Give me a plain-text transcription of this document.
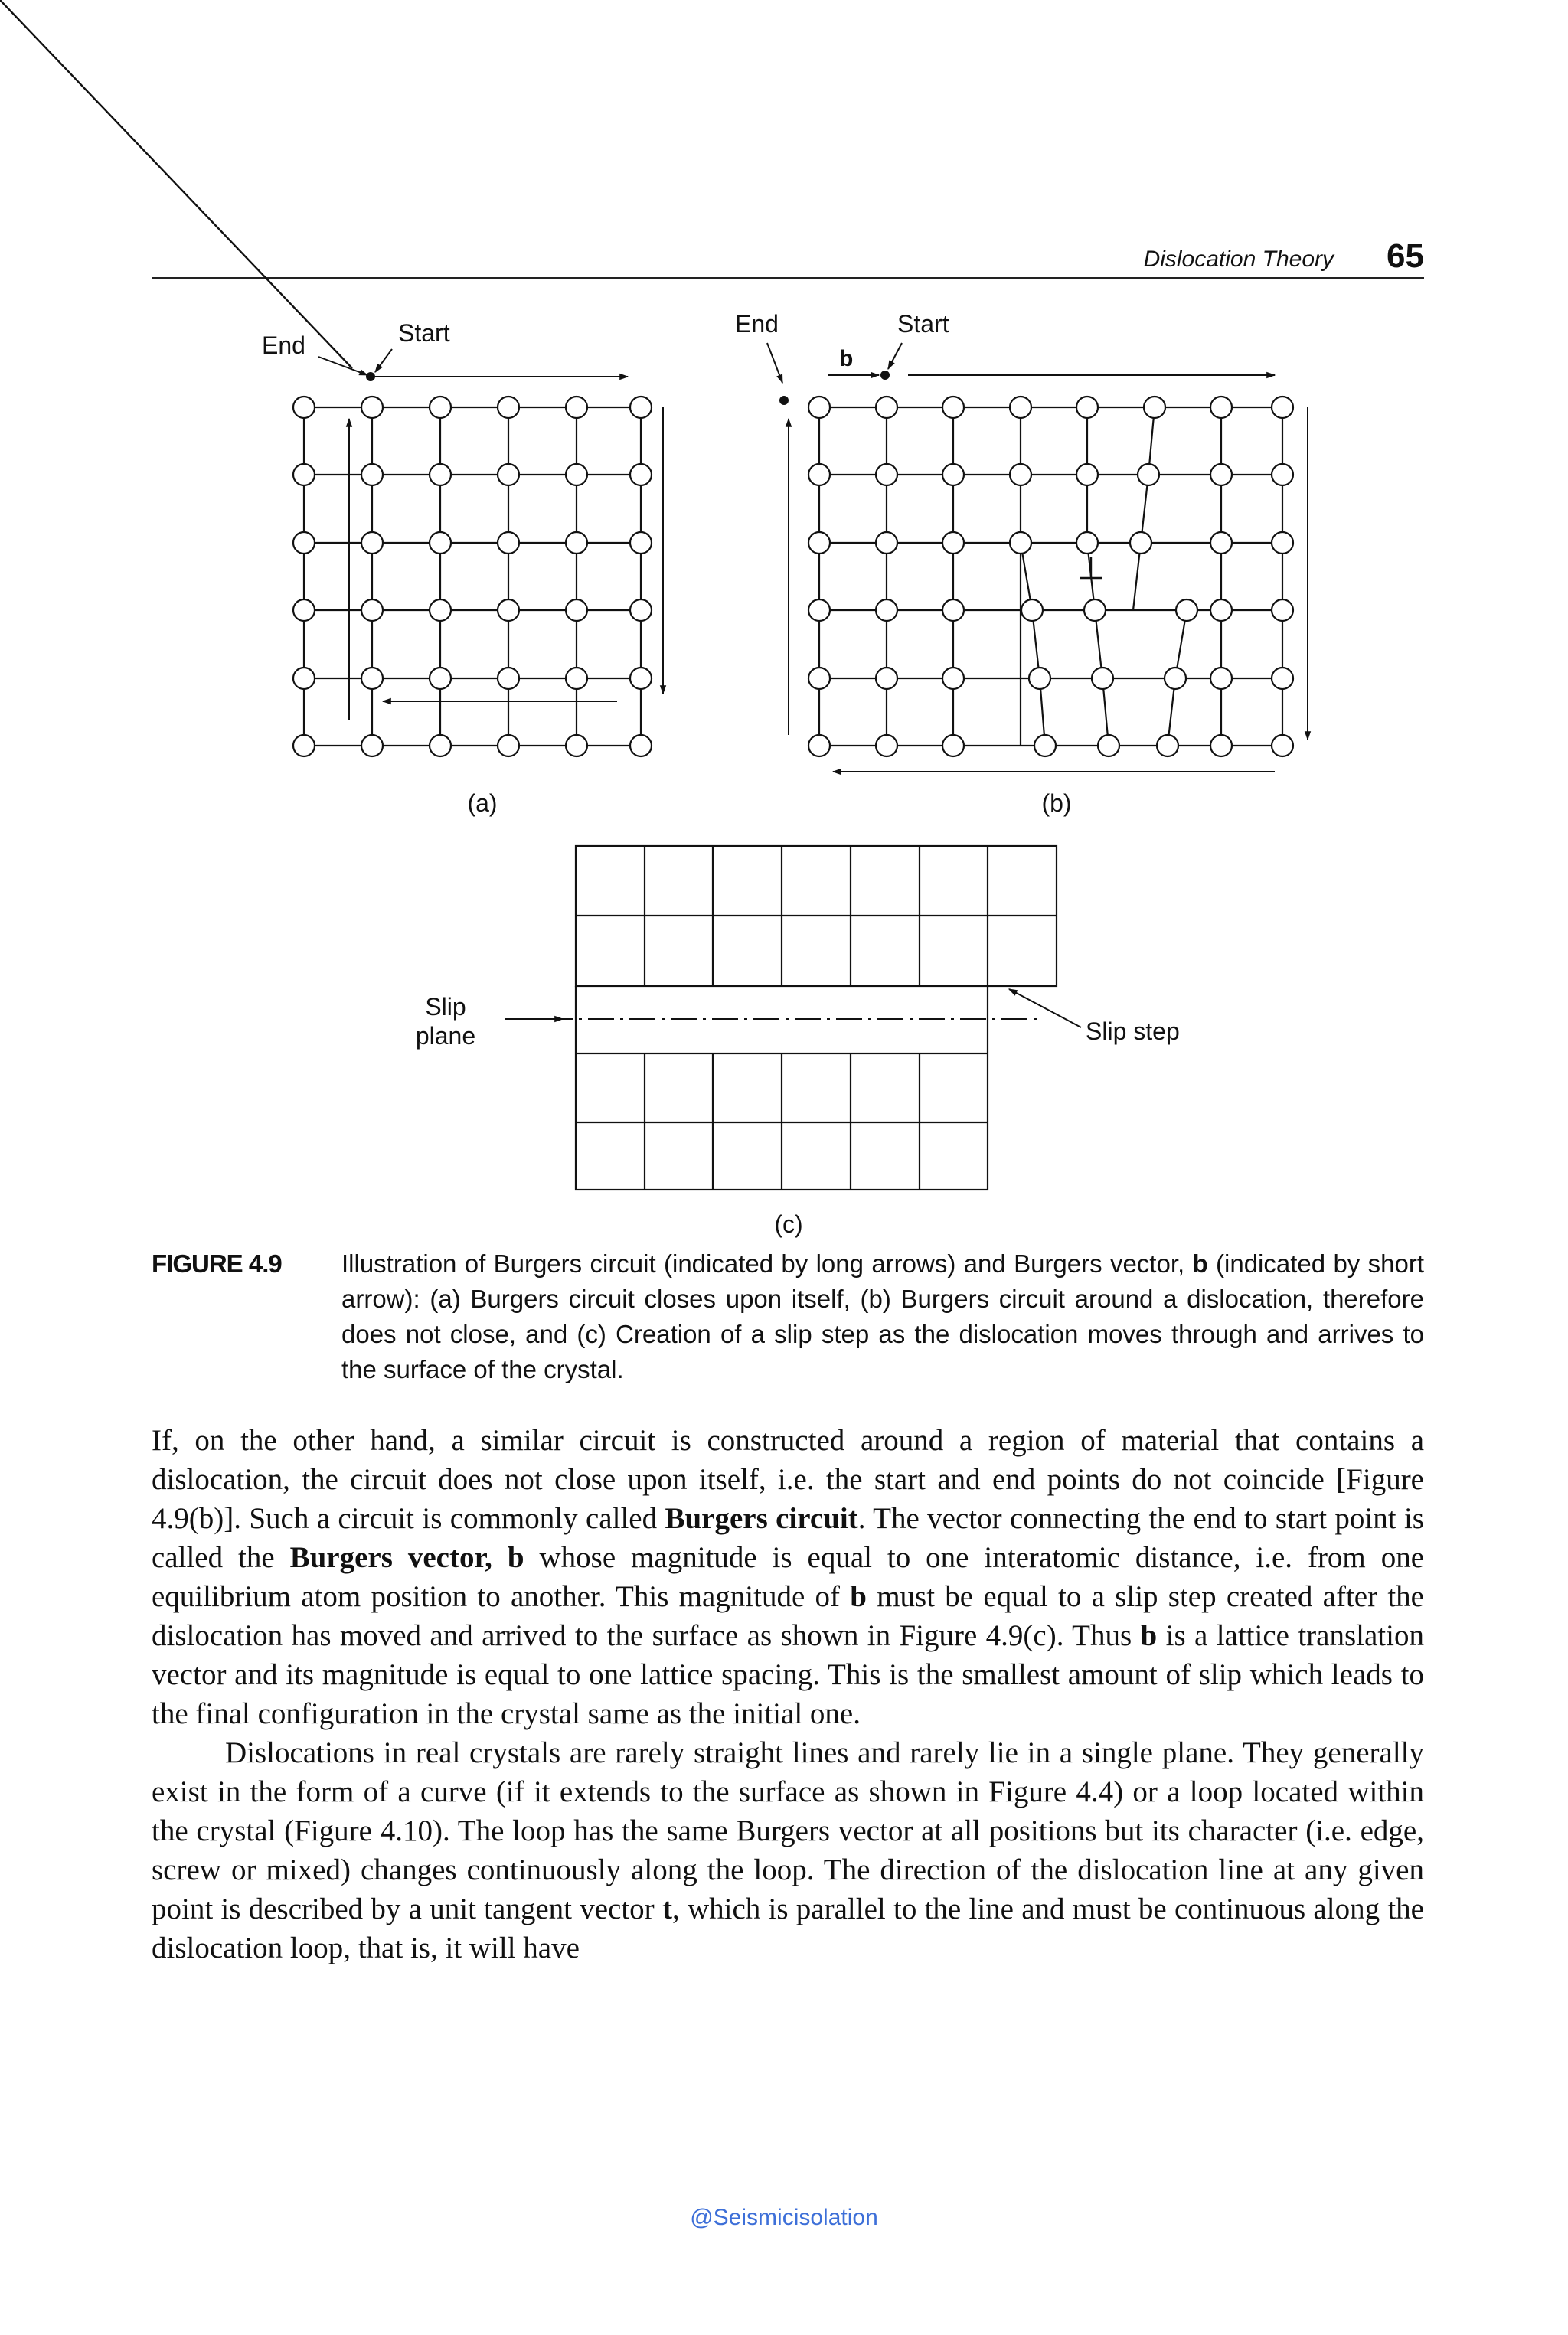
Dislocation Theory 65
End	Start
(a)
End	Start
b
(b)
Slip
plane	Slip step
(c)
FIGURE 4.9 Illustration of Burgers circuit (indicated by long arrows) and Burgers vector, b (indicated by short arrow): (a) Burgers circuit closes upon itself, (b) Burgers circuit around a dislocation, therefore does not close, and (c) Creation of a slip step as the dislocation moves through and arrives to the surface of the crystal.

If, on the other hand, a similar circuit is constructed around a region of material that contains a dislocation, the circuit does not close upon itself, i.e. the start and end points do not coincide [Figure 4.9(b)]. Such a circuit is commonly called Burgers circuit. The vector connecting the end to start point is called the Burgers vector, b whose magnitude is equal to one interatomic distance, i.e. from one equilibrium atom position to another. This magnitude of b must be equal to a slip step created after the dislocation has moved and arrived to the surface as shown in Figure 4.9(c). Thus b is a lattice translation vector and its magnitude is equal to one lattice spacing. This is the smallest amount of slip which leads to the final configuration in the crystal same as the initial one.

Dislocations in real crystals are rarely straight lines and rarely lie in a single plane. They generally exist in the form of a curve (if it extends to the surface as shown in Figure 4.4) or a loop located within the crystal (Figure 4.10). The loop has the same Burgers vector at all positions but its character (i.e. edge, screw or mixed) changes continuously along the loop. The direction of the dislocation line at any given point is described by a unit tangent vector t, which is parallel to the line and must be continuous along the dislocation loop, that is, it will have

@Seismicisolation
